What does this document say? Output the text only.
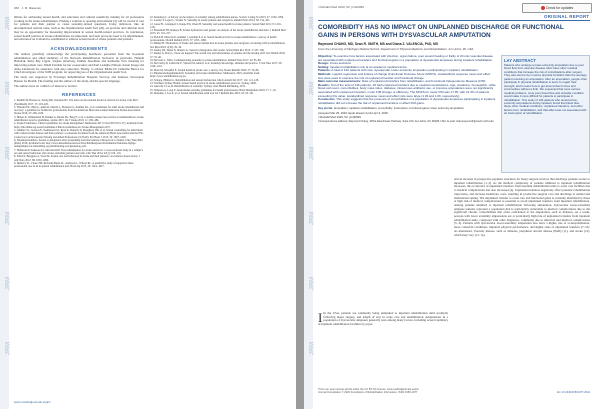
JRM
JRM
JRM
JRM
JRM
JRM
366 J. M. Masenko
bilities for addressing sexual health, and education and cultural sensitivity training for all professions working in the stroke rehabilitation. Finding a solution to opening environment (9) will be crucial if care for patients and their partner to cause sexuality-related questions. Using indicators, like an uncomplicated referral route, such as the Organisational Audit Tool (26), on provider and clinician level may be an opportunity for measuring improvement in sexual health-related practices. In conclusion, sexual health policies in stroke rehabilitation are important, and such protocols need to be implemented, and education on it should be established to address sexual needs of stroke patients and partners.
ACKNOWLEDGEMENTS
The authors gratefully acknowledge the participating healthcare personnel from the in-patient rehabilitation and allied members of the Network Rehabilitation Sectional, in particular, Hannah Hubalcik, Ruby Bay Lipple, Varjuse Otterberg, Jimmie Zuechiner and Katharine Viva meaning for improving patient care; Dinah Fondant for her cooperation; and Paul Ladaghe-Nilsson, Karen Kropp and Anna Lindstrom for assistance with data collection. Finally, to advisor Birthe Dr Catherine Barrel, for Chief investigator of the SOB program, for approving use of the Organisational Audit Tool.
The study was supported by Stavanger Rehabilitation Hospital, Norway, and Sunnaas, Norwegian Bureau for Health. The funding and the authors of the study, and the special language.
The authors have no conflicts of interest to declare.
REFERENCES
1. Rashidi M, Baraere A, Young DR, Salomon RS. The latest on the national model of referral for stroke. Clin Med (Northfield) 2017; 17: 218–220.
2. Wheeler DC, Heru L, Amin D, Darrell L, Ebenezer G, Kamma KL, et al. Guidelines for adult stroke rehabilitation and recovery: a guideline for healthcare professionals from the American Heart Association/American Stroke Association. Stroke 2016; 47: e98–e169.
3. Hebert K, Zimmerman H, Kielker A, Russia PG, Berg E, et al. Canadian stroke best practice recommendations: stroke rehabilitation practice guidelines, update 2015. Int J Stroke 2016; 11: 459–484.
4. Stroke Foundation. Clinical guidelines for stroke management. Melbourne 2017 [cited 2019 Nov 27]. Available from: https://informme.org.au/en/Guidelines/Clinical-Guidelines-for-Stroke-Management-2017.
5. Glimber SC, Jackson E, Tsakiasterri GJ, Ryan K, Doherty D, Dougherty DR, et al. Sexual counselling for individuals with cardiovascular disease and their partners: a consensus document from the American Heart Association and the ESC Council on Cardiovascular Nursing and Allied Professions (CCNAP). Eur Heart J 2013; 34: 1607–1620.
6. Veneman-Dombers. Sexual re-integration after strokedding and interventions Chiropractic to family. Clin (Ther) Biol (Paris) 2016; Available from: http://www.helsedirektoratet.no/Lists/Publikasjoner/Attachments/Nationale-faglige-retningslinjer-for-behandling-og-rehabilitering-ved-hjerneslag-.pdf.
7. Hellstrom P, Isaksson AS, Mervnus KM. Non-rehabilitation for stroke survivors: a cross-sectional study in a sample's sex and sexual behaviour after stroke, including partners and wife. Clin Ther 2014; 22(1): 106–110.
8. Sahel N, Berggren A, Swan M. Sexual care and behaviour in stroke and their partners: an evidence-based survey. J Adv Nurs 2012; 68: 1050–1060.
9. Dunlavy SL, Chase TM, Richards-Bunn AL, Anderson L, Wilson RL. A qualitative study of supportive inter-professional care in an in-patient rehabilitation unit. Brain Inj 2015; 29: 1614–1627.
10. Ronnberg C. A Survey on the subject of sexuality among rehabilitation nurses. Scand J Caring Sci 2013; 27: 1050–1059.
11. Goedet T, Lopez L, Stryker N. Sexuality in stroke patients and caregivers. Rehabil Nurs 2014; 39: 154–161.
12. Jones EL, Gianguzzi J, Kaupe Fdt, Olsen H. Sexuality and sexual health in stroke patients. Sexual Med 2011; 8: 1219–1231.
13. Brassfield HT, Ramsey B. Sexual dysfunction and gender: an analysis of the stroke rehabilitation literature. J Rehabil Med 2013; 45: 101–107.
14. Fields B, Mascola P, Gemmel J, Giardini P, et al. Sexual health practice in stroke rehabilitation: a survey of health professionals. Disabil Rehabil 2015; 37: 1055–1060.
15. Bittker H. Moderation of Stroke and sexual dysfunction in stroke patients and caregivers, in nursing staff in rehabilitation. Sex Med 2018; 2(10): 29–36.
16. Kelley DS, Deniz N, Shapiro G. Sexual re-integration after stroke. Sexual Med Rev 2015; 3: 187–196.
17. Reuter A, Perry L. Does sex happen? The sexual role and relationships of patients and the nursing staff. Sex Disabil 2019; 37: 35–46.
18. McLean L, Tibbs. Communicating sexuality in stroke rehabilitation. Rehabil Nurs 2017; 42: 85–89.
19. McCarthy D, Lamarche E, Vincent M, Anne P, et al. Sexuality knowledge, attitudes and practice. J Clin Nurs 2017; 26: 1109–1116.
20. Horn M, Schoeffel E. Sexual health in stroke care: a survey. Top Stroke Rehabil 2020; 27: 79–86.
21. Bundesarbeitsgemeinschaft. Sexuality and stroke rehabilitation. Melbourne, 2016; Available from: https://www.rehabilitation.org.au.
22. Schopp, Hilman G. Rehabilitation and sexual dysfunction. Dtsch Arztebl Int 2017; 114: 121–128.
23. Northern Sydney Health. Sexual health practice in stroke rehabilitation protocol. Sydney, 2020.
24. Ausvolk T, Lee R. Rehabilitation of sexuality. Sydney: Aust Health Publishing, 2015.
25. Simpson G, Long E. Australasian sexuality guidelines for health professionals. Brain Impairment 2016; 17: 1–16.
26. Masenko J, Lee K, et al. Sexual rehabilitation audit tool. Int J Rehabil Res 2019; 42: 95–101.
www.medicaljournals.se/jrm
JRM
JRM
JRM
JRM
JRM
JRM
J Rehabil Med 2020; 52: jrm00099	Check for updates
ORIGINAL REPORT
COMORBIDITY HAS NO IMPACT ON UNPLANNED DISCHARGE OR FUNCTIONAL GAINS IN PERSONS WITH DYSVASCULAR AMPUTATION
Raymond CHANG, MD, Sean R. SMITH, MS and Diana Z. VALENCIA, PhD, MS
From the University of Michigan Medical School, Department of Physical Medicine and Rehabilitation, Ann Arbor, MI, USA
Objective: To examine how factors associated with infection, organ failure, poor wound healing or frailty of chronic vascular disease are associated with unplanned transfers and functional gains in a population of dysvascular amputees during inpatient rehabilitation.
Design: Cross-sectional.
Setting: Inpatient rehabilitation unit at an academic medical centre.
Patients: A total of 136 patients with new, dysvascular, lower-extremity amputation participating in inpatient rehabilitation.
Methods: Logistic regression and indices of change (Functional Outcome Score (MOFS), standardized response mean and effect size were used to examine the role of unplanned transfer and functional change.
Main outcome measurements: Rate of unplanned transfers from rehabilitation, and Functional Independence Measure (FIM).
Results: Out of the total of 136 patients, 18 had unplanned transfers due to medical complications. Age, creatinine, hemoglobin, white blood cell count, comorbidities, body mass index, diabetes, intravenous antibiotic use, or previous amputations were not significantly associated with unplanned transfers, motor FIM change or efficiency. The MOFS for motor FIM was 17.95, with 21.3% of patients exceeding this value; standardized response mean and effect size were large (1.03 and 1.09, respectively).
Conclusion: This study suggests that the presence of comorbidities in a population of dysvascular amputees participating in inpatient rehabilitation did not increase the risk of unplanned transfers or affect FIM gains.
Key words: amputation; inpatient rehabilitation; comorbidity; interruption; functional gains; lower extremity amputation.
Accepted Mar 25, 2020; Epub ahead of print Apr 9, 2020
J Rehabil Med 2020; 52: jrm00099
Correspondence address: Raymond Chang, 325 E Eisenhower Parkway, Suite 100, Ann Arbor, MI, 48108, USA. E-mail: chaneraymond@med.umich.edu
LAY ABSTRACT
Patients who undergo a lower-extremity amputation due to poor blood flow from vascular disease often have other medical conditions that increase the risk of complications after surgery. They also tend to be in worse physical condition than the average patient receiving an amputation. After an amputation, people often participate in physical rehabilitation to learn to regain their strength, and to learn how to get around their homes and communities without a limb. We suspected that more serious medical problems, more poor blood flow and unstable condition would make it more difficult for patients to participate in rehabilitation. This study of 136 patients who received low-extremity amputations during inpatient found that blood flow, these other medical conditions, unplanned transfers, and other factors from rehabilitation, and that effect was not associated with an interruption of rehabilitation.
I In the USA, patients are commonly being unmarked to inpatient rehabilitation units promptly following major surgery, and length of stay in acute care and rehabilitation. Amputations in a population of dysvascular amputees generally rests among many factors, including several summary of inpatient rehabilitation facilities by payer.
and an increase in prospective payment structures for many surgical services that discharge patients sooner to inpatient rehabilitation (1–3). As the medical complexity of patients admitted to inpatient rehabilitation increases, the occurrence of unplanned transfers from inpatient rehabilitation units to acute care facilities due to medical complications has also increased (4). Unplanned transfers negatively affect patients' rehabilitation trajectories, and increase healthcare costs, resulting in productive surgical care and discharge to skilled and institutional setting. The unplanned transfer to acute care and functional gains is currently identified by those at high risk of medical complications is essential to avoid unplanned transfers from inpatient rehabilitation. Among patients admitted to inpatient rehabilitation following amputation, dysvascular lower-extremity amputee patients represent a population that is particularly vulnerable to medical complications due to the significant chronic comorbidities that often contributed to the amputation, such as diabetes. As a result, persons with lower extremity amputations are at particularly high risk of unplanned transfers from inpatient rehabilitation units, compared with other diagnoses, commonly due to infection and medical complications (5, 6). Patients with dysvascular lower-extremity amputation also have a higher rate of re-hospitalization, more comorbid conditions, impaired physical performance, and higher rates of unplanned transfers (7–10). As mentioned, Vascular disease, such as diabetes, peripheral arterial disease (PAD) (11), and stroke (12), which may vary (13, 14).
This is an open access article under the CC BY-NC license. www.medicaljournals.se/jrm
Journal Compilation © 2020 Foundation of Rehabilitation Information. ISSN 1650-1977	doi: 10.2340/16501977-2644
